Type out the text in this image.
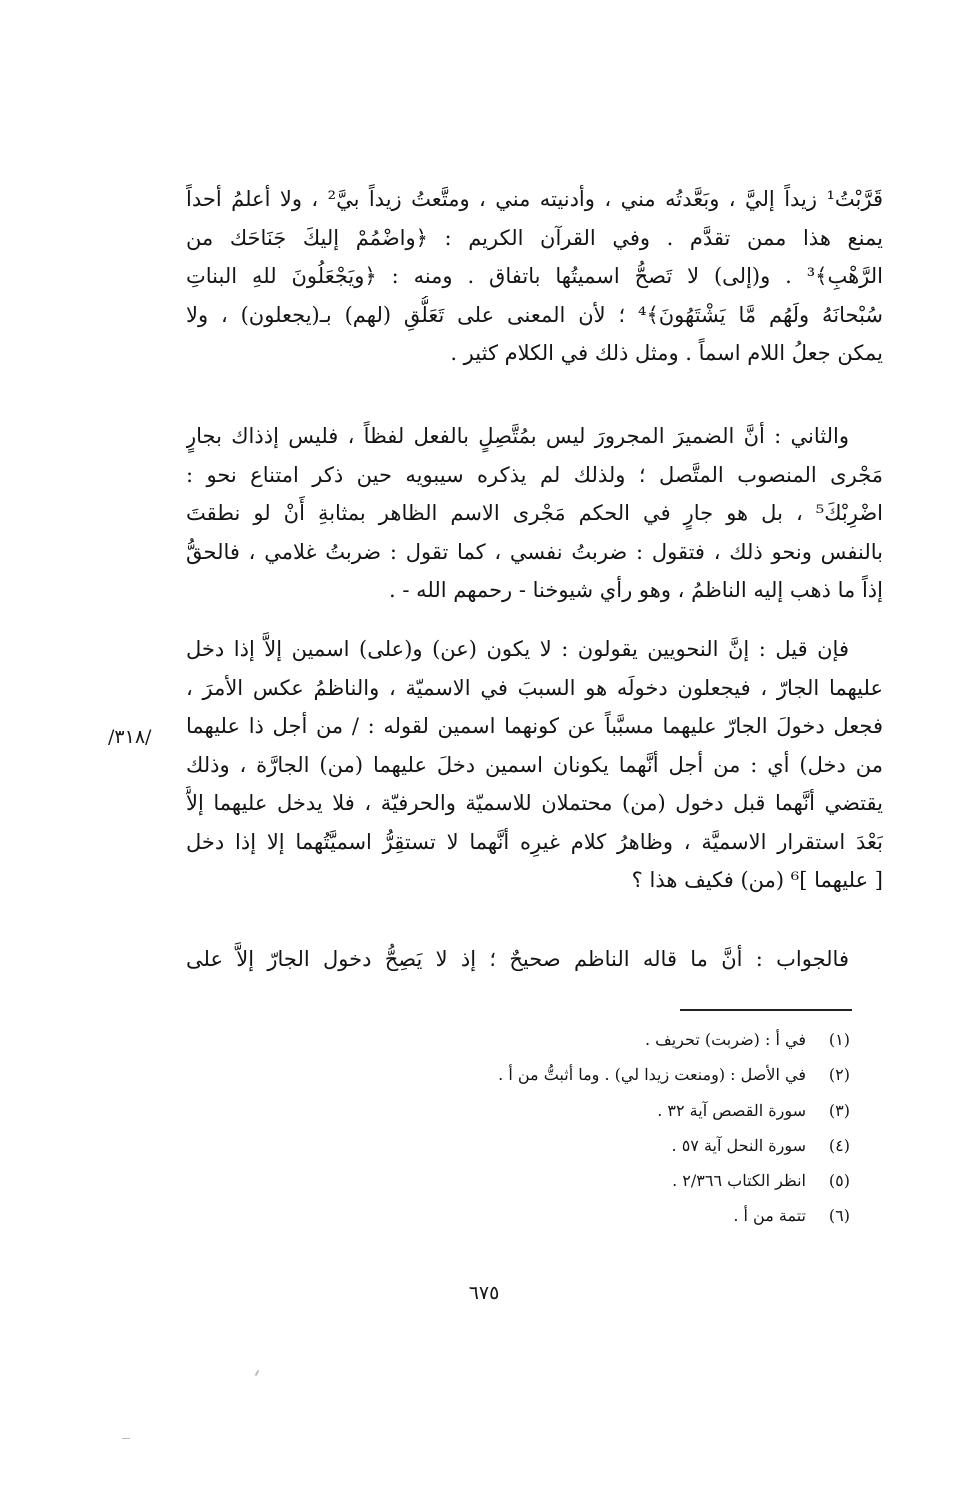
قَرَّبْتُ¹ زيداً إليَّ ، وبَعَّدتُه مني ، وأدنيته مني ، ومتَّعتُ زيداً بيَّ² ، ولا أعلمُ أحداً
يمنع هذا ممن تقدَّم . وفي القرآن الكريم : ﴿واضْمُمْ إليكَ جَنَاحَك من
الرَّهْبِ﴾³ . و(إلى) لا تَصحُّ اسميتُها باتفاق . ومنه : ﴿ويَجْعَلُونَ للهِ البناتِ
سُبْحانَهُ ولَهُم مَّا يَشْتَهُونَ﴾⁴ ؛ لأن المعنى على تَعَلُّقِ (لهم) بـ(يجعلون) ، ولا
يمكن جعلُ اللام اسماً . ومثل ذلك في الكلام كثير .
والثاني : أنَّ الضميرَ المجرورَ ليس بمُتَّصِلٍ بالفعل لفظاً ، فليس إذذاك بجارٍ
مَجْرى المنصوب المتَّصل ؛ ولذلك لم يذكره سيبويه حين ذكر امتناع نحو :
اضْرِبْكَ⁵ ، بل هو جارٍ في الحكم مَجْرى الاسم الظاهر بمثابةِ أَنْ لو نطقتَ
بالنفس ونحو ذلك ، فتقول : ضربتُ نفسي ، كما تقول : ضربتُ غلامي ، فالحقُّ
إذاً ما ذهب إليه الناظمُ ، وهو رأي شيوخنا - رحمهم الله - .
فإن قيل : إنَّ النحويين يقولون : لا يكون (عن) و(على) اسمين إلاَّ إذا دخل
عليهما الجارّ ، فيجعلون دخولَه هو السببَ في الاسميّة ، والناظمُ عكس الأمرَ ،
فجعل دخولَ الجارّ عليهما مسبَّباً عن كونهما اسمين لقوله : / من أجل ذا عليهما
من دخل) أي : من أجل أنَّهما يكونان اسمين دخلَ عليهما (من) الجارَّة ، وذلك
يقتضي أنَّهما قبل دخول (من) محتملان للاسميّة والحرفيّة ، فلا يدخل عليهما إلاَّ
بَعْدَ استقرار الاسميَّة ، وظاهرُ كلام غيرِه أنَّهما لا تستقِرُّ اسميَّتُهما إلا إذا دخل
[ عليهما ]⁶ (من) فكيف هذا ؟
فالجواب : أنَّ ما قاله الناظم صحيحٌ ؛ إذ لا يَصِحُّ دخول الجارّ إلاَّ على
/٣١٨/
(١)في أ : (ضربت) تحريف .
(٢)في الأصل : (ومنعت زيدا لي) . وما أثبتُّ من أ .
(٣)سورة القصص آية ٣٢ .
(٤)سورة النحل آية ٥٧ .
(٥)انظر الكتاب ٢/٣٦٦ .
(٦)تتمة من أ .
٦٧٥
